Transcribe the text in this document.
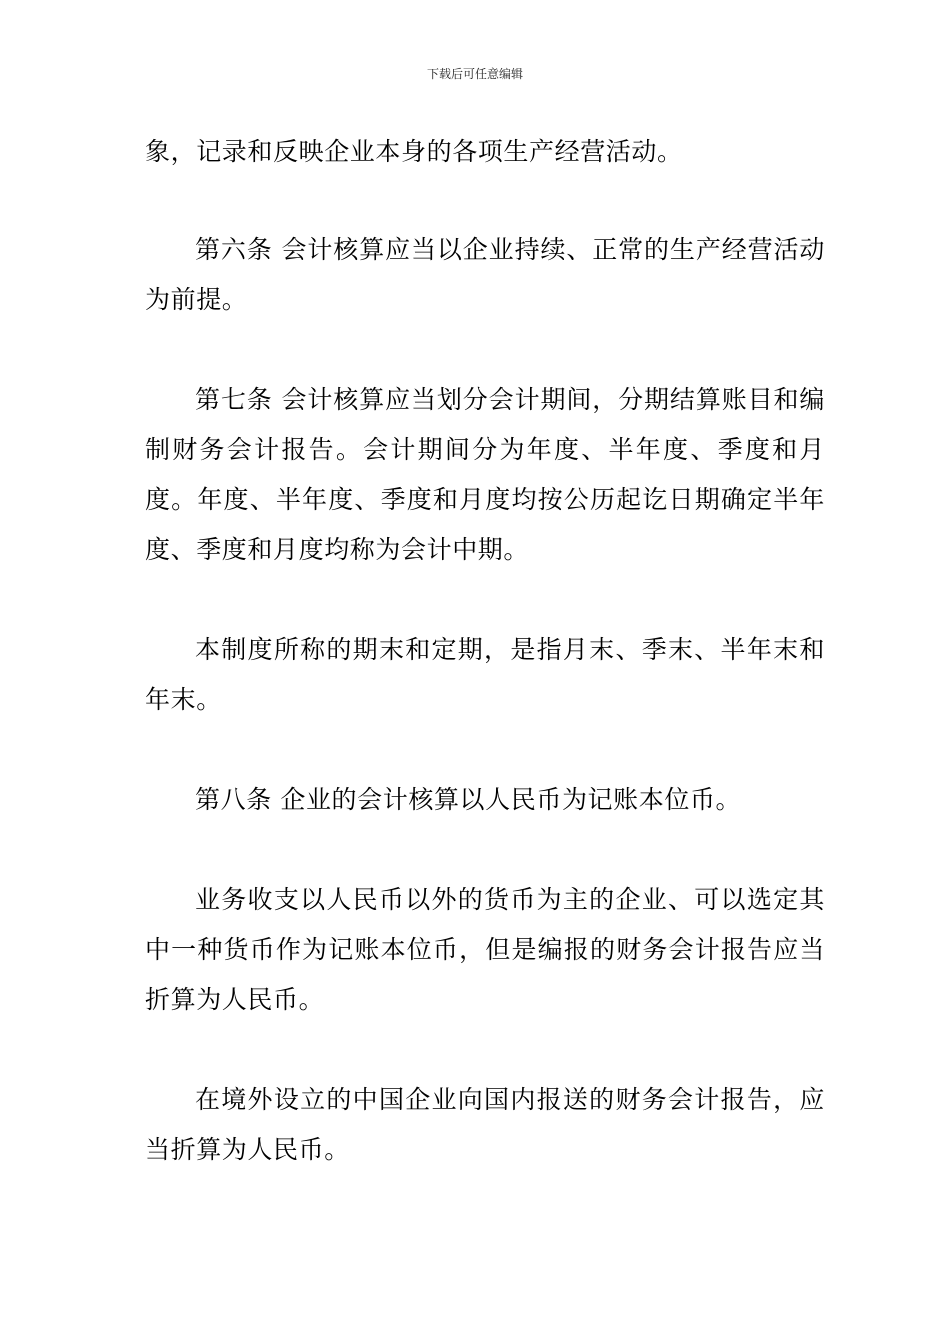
下载后可任意编辑

象，记录和反映企业本身的各项生产经营活动。

第六条 会计核算应当以企业持续、正常的生产经营活动为前提。

第七条 会计核算应当划分会计期间，分期结算账目和编制财务会计报告。会计期间分为年度、半年度、季度和月度。年度、半年度、季度和月度均按公历起讫日期确定半年度、季度和月度均称为会计中期。

本制度所称的期末和定期，是指月末、季末、半年末和年末。

第八条 企业的会计核算以人民币为记账本位币。

业务收支以人民币以外的货币为主的企业、可以选定其中一种货币作为记账本位币，但是编报的财务会计报告应当折算为人民币。

在境外设立的中国企业向国内报送的财务会计报告，应当折算为人民币。
